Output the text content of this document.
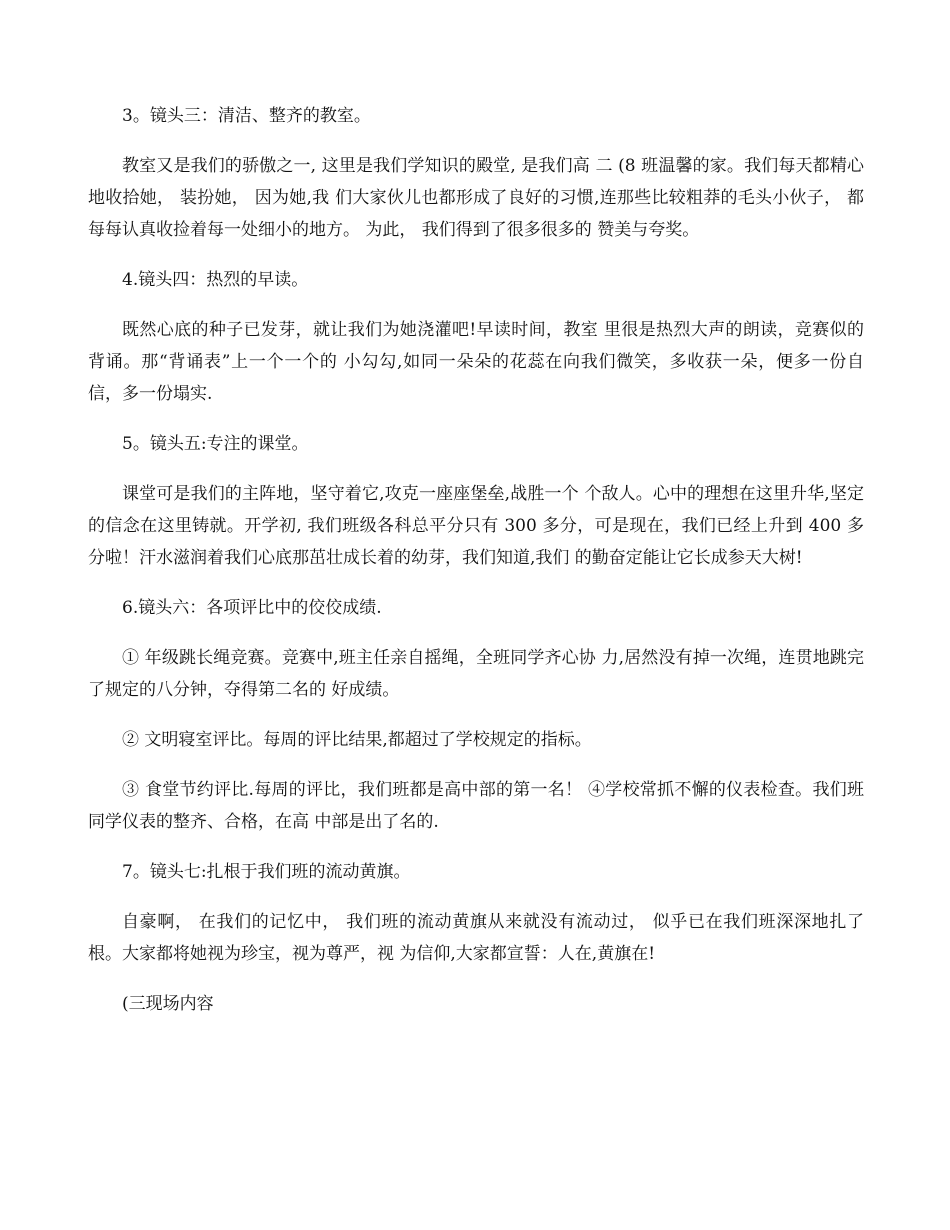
3。镜头三：清洁、整齐的教室。

教室又是我们的骄傲之一, 这里是我们学知识的殿堂, 是我们高 二 (8 班温馨的家。我们每天都精心地收拾她， 装扮她， 因为她,我 们大家伙儿也都形成了良好的习惯,连那些比较粗莽的毛头小伙子， 都每每认真收捡着每一处细小的地方。 为此， 我们得到了很多很多的 赞美与夸奖。

4.镜头四：热烈的早读。

既然心底的种子已发芽，就让我们为她浇灌吧!早读时间，教室 里很是热烈大声的朗读，竞赛似的背诵。那“背诵表”上一个一个的 小勾勾,如同一朵朵的花蕊在向我们微笑，多收获一朵，便多一份自 信，多一份塌实.

5。镜头五:专注的课堂。

课堂可是我们的主阵地，坚守着它,攻克一座座堡垒,战胜一个 个敌人。心中的理想在这里升华,坚定的信念在这里铸就。开学初, 我们班级各科总平分只有 300 多分，可是现在，我们已经上升到 400 多分啦！汗水滋润着我们心底那茁壮成长着的幼芽，我们知道,我们 的勤奋定能让它长成参天大树!

6.镜头六：各项评比中的佼佼成绩.

① 年级跳长绳竞赛。竞赛中,班主任亲自摇绳，全班同学齐心协 力,居然没有掉一次绳，连贯地跳完了规定的八分钟，夺得第二名的 好成绩。

② 文明寝室评比。每周的评比结果,都超过了学校规定的指标。

③ 食堂节约评比.每周的评比，我们班都是高中部的第一名！ ④学校常抓不懈的仪表检查。我们班同学仪表的整齐、合格，在高 中部是出了名的.

7。镜头七:扎根于我们班的流动黄旗。

自豪啊， 在我们的记忆中， 我们班的流动黄旗从来就没有流动过， 似乎已在我们班深深地扎了根。大家都将她视为珍宝，视为尊严，视 为信仰,大家都宣誓：人在,黄旗在!

(三现场内容
